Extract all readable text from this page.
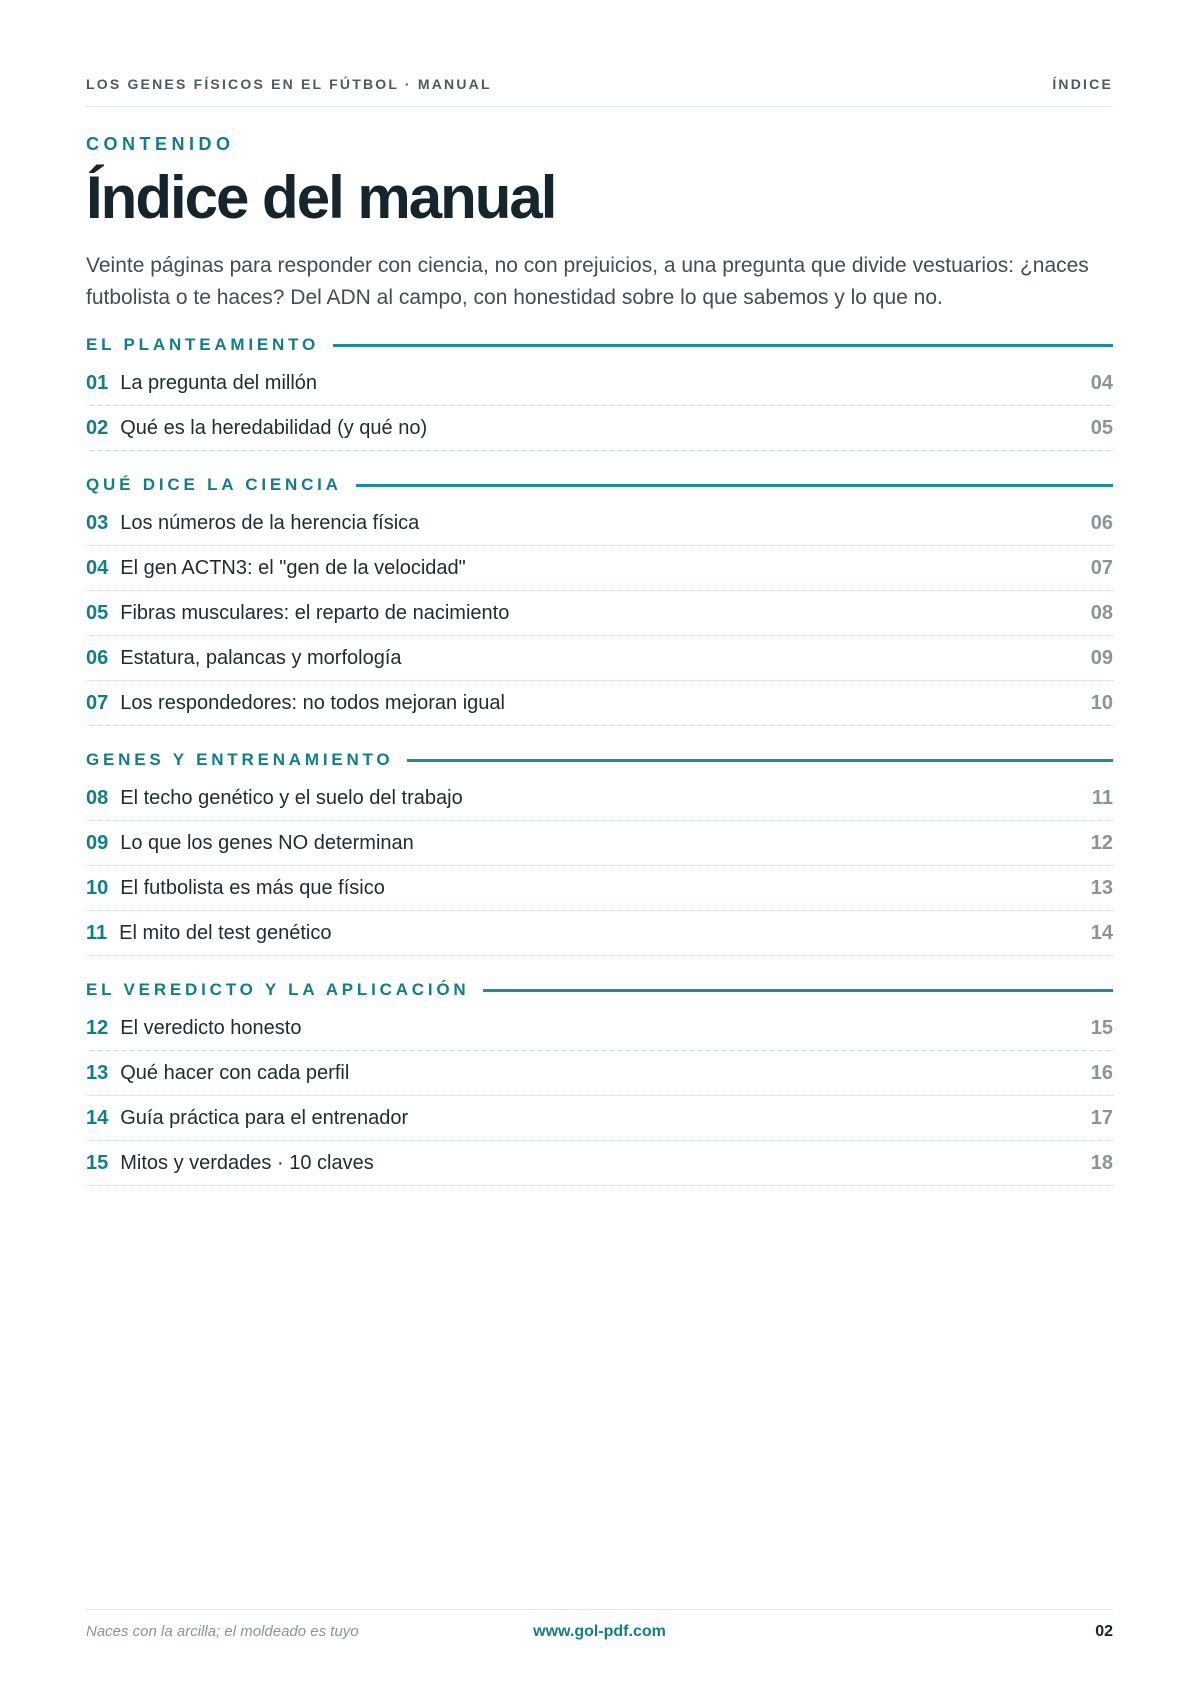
LOS GENES FÍSICOS EN EL FÚTBOL · MANUAL	ÍNDICE
CONTENIDO
Índice del manual

Veinte páginas para responder con ciencia, no con prejuicios, a una pregunta que divide vestuarios: ¿naces futbolista o te haces? Del ADN al campo, con honestidad sobre lo que sabemos y lo que no.

EL PLANTEAMIENTO
01 La pregunta del millón	04
02 Qué es la heredabilidad (y qué no)	05
QUÉ DICE LA CIENCIA
03 Los números de la herencia física	06
04 El gen ACTN3: el "gen de la velocidad"	07
05 Fibras musculares: el reparto de nacimiento	08
06 Estatura, palancas y morfología	09
07 Los respondedores: no todos mejoran igual	10
GENES Y ENTRENAMIENTO
08 El techo genético y el suelo del trabajo	11
09 Lo que los genes NO determinan	12
10 El futbolista es más que físico	13
11 El mito del test genético	14
EL VEREDICTO Y LA APLICACIÓN
12 El veredicto honesto	15
13 Qué hacer con cada perfil	16
14 Guía práctica para el entrenador	17
15 Mitos y verdades · 10 claves	18
Naces con la arcilla; el moldeado es tuyo	www.gol-pdf.com	02
